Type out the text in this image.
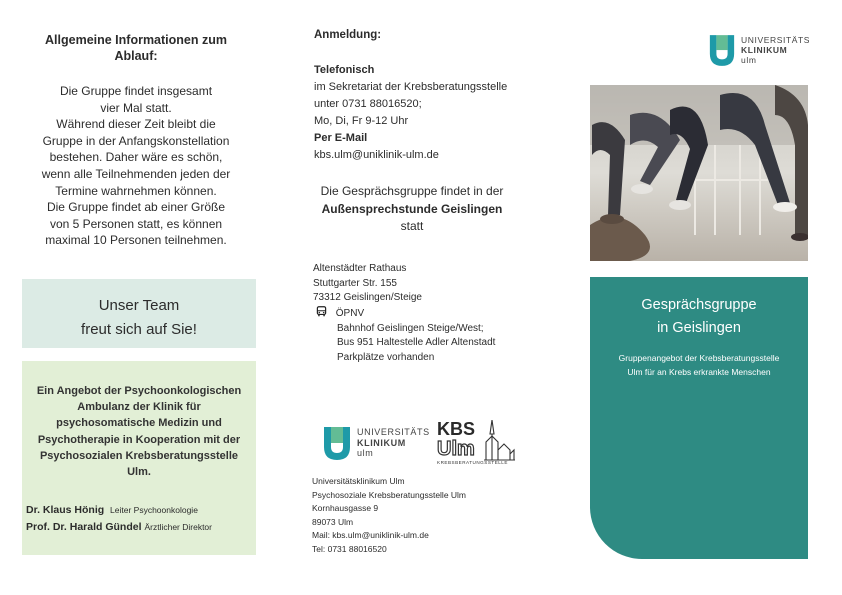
Allgemeine Informationen zum
Ablauf:
Die Gruppe findet insgesamt
vier Mal statt.
Während dieser Zeit bleibt die
Gruppe in der Anfangskonstellation
bestehen. Daher wäre es schön,
wenn alle Teilnehmenden jeden der
Termine wahrnehmen können.
Die Gruppe findet ab einer Größe
von 5 Personen statt, es können
maximal 10 Personen teilnehmen.
Unser Team
freut sich auf Sie!
Ein Angebot der Psychoonkologischen
Ambulanz der Klinik für
psychosomatische Medizin und
Psychotherapie in Kooperation mit der
Psychosozialen Krebsberatungsstelle
Ulm.
Dr. Klaus Hönig Leiter Psychoonkologie
Prof. Dr. Harald Gündel Ärztlicher Direktor
Anmeldung:
Telefonisch
im Sekretariat der Krebsberatungsstelle
unter 0731 88016520;
Mo, Di, Fr 9-12 Uhr
Per E-Mail
kbs.ulm@uniklinik-ulm.de
Die Gesprächsgruppe findet in der
Außensprechstunde Geislingen
statt
Altenstädter Rathaus
Stuttgarter Str. 155
73312 Geislingen/Steige
ÖPNV
Bahnhof Geislingen Steige/West;
Bus 951 Haltestelle Adler Altenstadt
Parkplätze vorhanden
UNIVERSITÄTS
KLINIKUM
ulm
KBS
Ulm
KREBSBERATUNGSSTELLE
Universitätsklinikum Ulm
Psychosoziale Krebsberatungsstelle Ulm
Kornhausgasse 9
89073 Ulm
Mail: kbs.ulm@uniklinik-ulm.de
Tel: 0731 88016520
UNIVERSITÄTS
KLINIKUM
ulm
Gesprächsgruppe
in Geislingen
Gruppenangebot der Krebsberatungsstelle
Ulm für an Krebs erkrankte Menschen
